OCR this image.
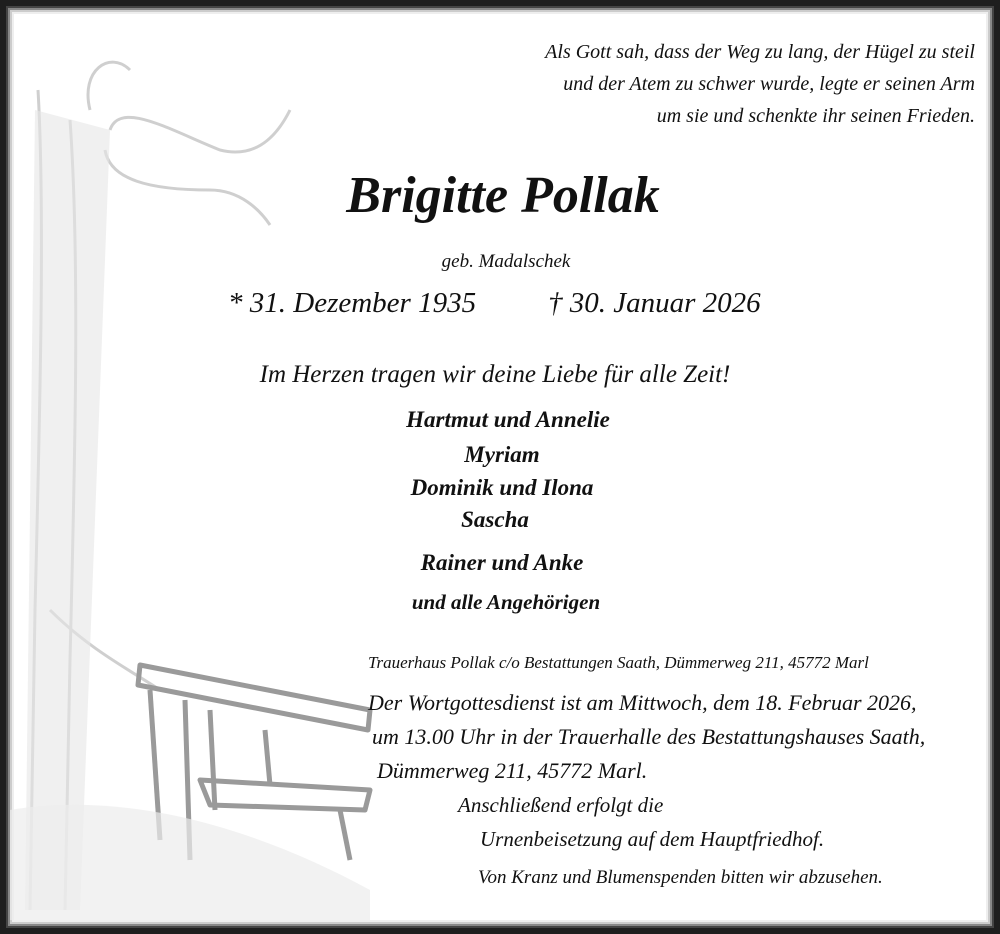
Als Gott sah, dass der Weg zu lang, der Hügel zu steil
und der Atem zu schwer wurde, legte er seinen Arm
um sie und schenkte ihr seinen Frieden.
Brigitte Pollak
geb. Madalschek
* 31. Dezember 1935 † 30. Januar 2026
Im Herzen tragen wir deine Liebe für alle Zeit!
Hartmut und Annelie
Myriam
Dominik und Ilona
Sascha
Rainer und Anke
und alle Angehörigen
Trauerhaus Pollak c/o Bestattungen Saath, Dümmerweg 211, 45772 Marl
Der Wortgottesdienst ist am Mittwoch, dem 18. Februar 2026,
um 13.00 Uhr in der Trauerhalle des Bestattungshauses Saath,
Dümmerweg 211, 45772 Marl.
Anschließend erfolgt die
Urnenbeisetzung auf dem Hauptfriedhof.
Von Kranz und Blumenspenden bitten wir abzusehen.
